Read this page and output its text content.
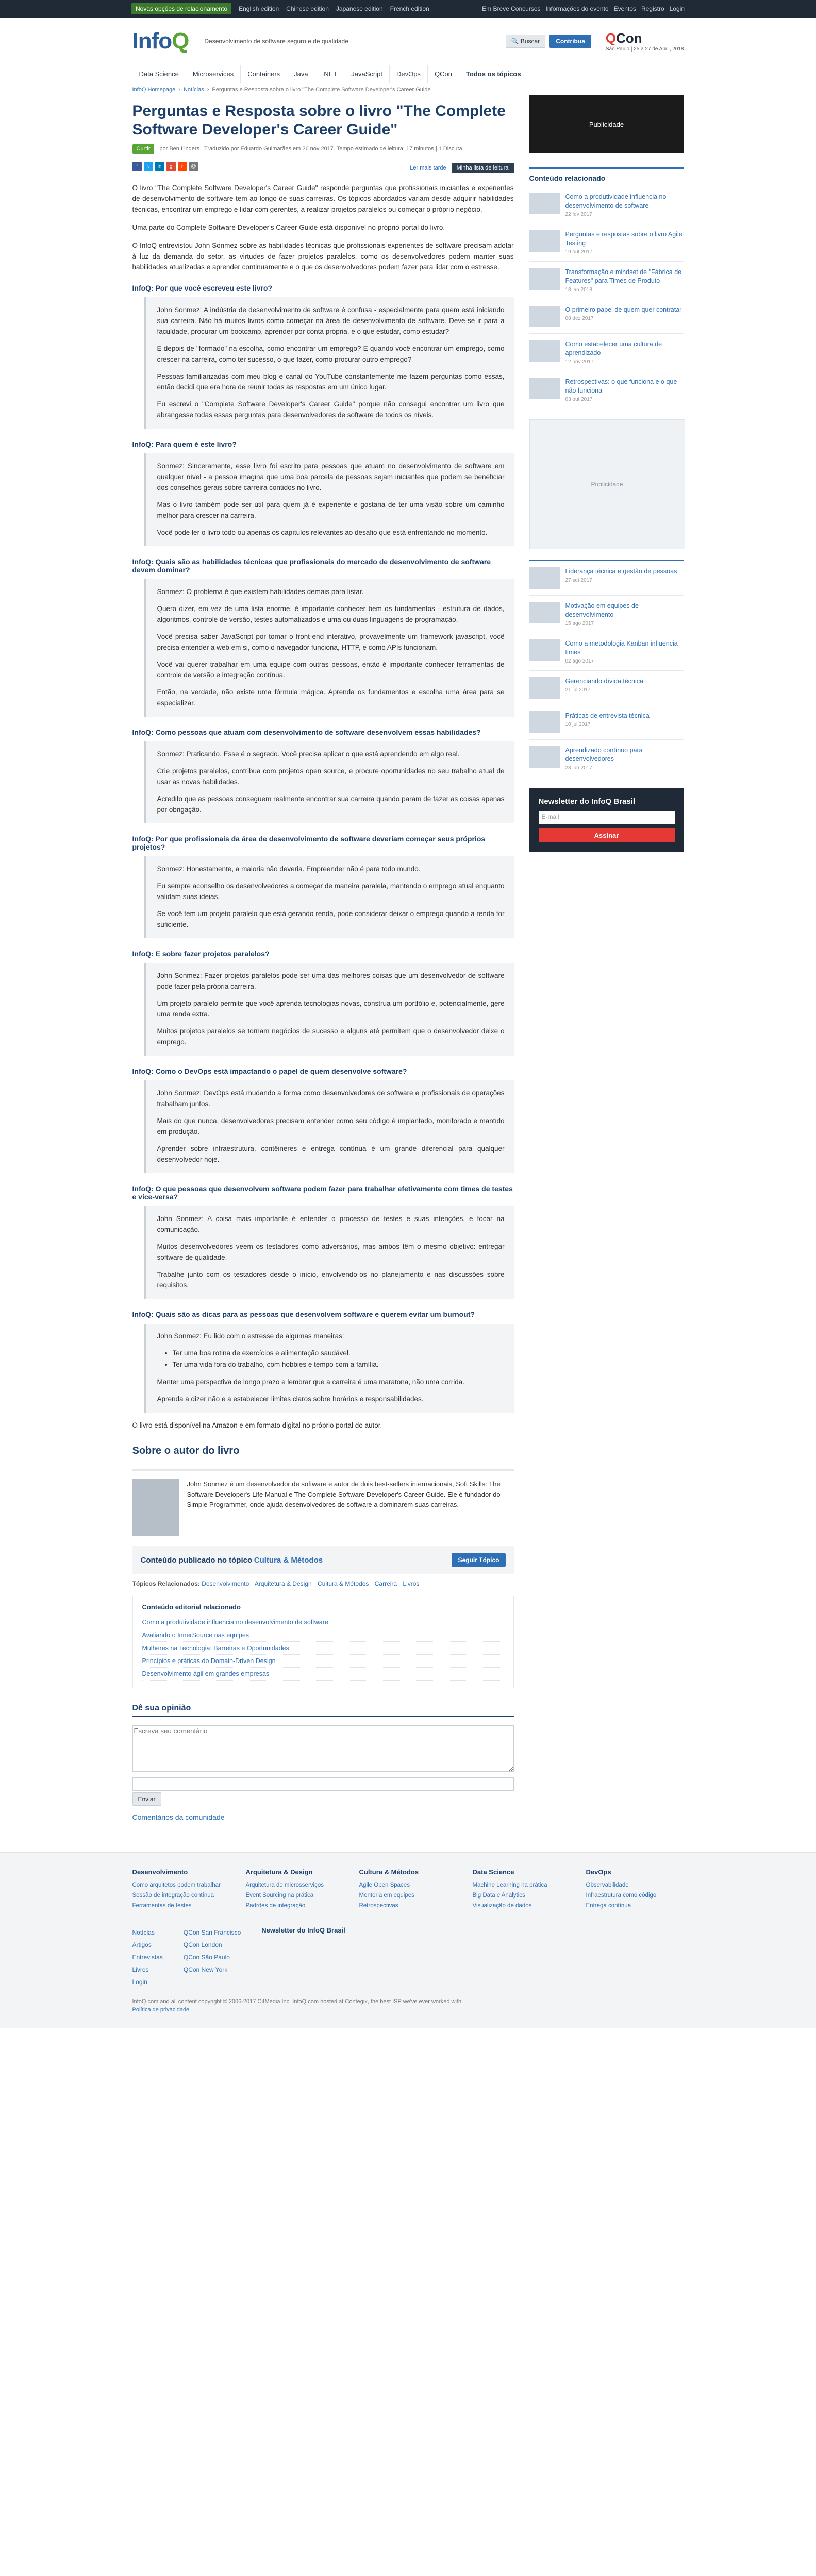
Novas opções de relacionamento	English edition Chinese edition Japanese edition French edition	Em Breve Concursos Informações do evento Eventos Registro Login
InfoQ	Desenvolvimento de software seguro e de qualidade	🔍 Buscar	Contribua	QCon
São Paulo | 25 a 27 de Abril, 2018
Data Science	Microservices	Containers	Java	.NET	JavaScript	DevOps	QCon	Todos os tópicos
InfoQ Homepage › Notícias › Perguntas e Resposta sobre o livro "The Complete Software Developer's Career Guide"
Perguntas e Resposta sobre o livro "The Complete Software Developer's Career Guide"
Curtir	por Ben Linders . Traduzido por Eduardo Guimarães em 26 nov 2017. Tempo estimado de leitura: 17 minutos | 1 Discuta
f	t	in	g	r	@	Ler mais tarde	Minha lista de leitura

O livro "The Complete Software Developer's Career Guide" responde perguntas que profissionais iniciantes e experientes de desenvolvimento de software tem ao longo de suas carreiras. Os tópicos abordados variam desde adquirir habilidades técnicas, encontrar um emprego e lidar com gerentes, a realizar projetos paralelos ou começar o próprio negócio.

Uma parte do Complete Software Developer's Career Guide está disponível no próprio portal do livro.

O InfoQ entrevistou John Sonmez sobre as habilidades técnicas que profissionais experientes de software precisam adotar à luz da demanda do setor, as virtudes de fazer projetos paralelos, como os desenvolvedores podem manter suas habilidades atualizadas e aprender continuamente e o que os desenvolvedores podem fazer para lidar com o estresse.

InfoQ: Por que você escreveu este livro?

John Sonmez: A indústria de desenvolvimento de software é confusa - especialmente para quem está iniciando sua carreira. Não há muitos livros como começar na área de desenvolvimento de software. Deve-se ir para a faculdade, procurar um bootcamp, aprender por conta própria, e o que estudar, como estudar?

E depois de "formado" na escolha, como encontrar um emprego? E quando você encontrar um emprego, como crescer na carreira, como ter sucesso, o que fazer, como procurar outro emprego?

Pessoas familiarizadas com meu blog e canal do YouTube constantemente me fazem perguntas como essas, então decidi que era hora de reunir todas as respostas em um único lugar.

Eu escrevi o "Complete Software Developer's Career Guide" porque não consegui encontrar um livro que abrangesse todas essas perguntas para desenvolvedores de software de todos os níveis.

InfoQ: Para quem é este livro?

Sonmez: Sinceramente, esse livro foi escrito para pessoas que atuam no desenvolvimento de software em qualquer nível - a pessoa imagina que uma boa parcela de pessoas sejam iniciantes que podem se beneficiar dos conselhos gerais sobre carreira contidos no livro.

Mas o livro também pode ser útil para quem já é experiente e gostaria de ter uma visão sobre um caminho melhor para crescer na carreira.

Você pode ler o livro todo ou apenas os capítulos relevantes ao desafio que está enfrentando no momento.

InfoQ: Quais são as habilidades técnicas que profissionais do mercado de desenvolvimento de software devem dominar?

Sonmez: O problema é que existem habilidades demais para listar.

Quero dizer, em vez de uma lista enorme, é importante conhecer bem os fundamentos - estrutura de dados, algoritmos, controle de versão, testes automatizados e uma ou duas linguagens de programação.

Você precisa saber JavaScript por tomar o front-end interativo, provavelmente um framework javascript, você precisa entender a web em si, como o navegador funciona, HTTP, e como APIs funcionam.

Você vai querer trabalhar em uma equipe com outras pessoas, então é importante conhecer ferramentas de controle de versão e integração contínua.

Então, na verdade, não existe uma fórmula mágica. Aprenda os fundamentos e escolha uma área para se especializar.

InfoQ: Como pessoas que atuam com desenvolvimento de software desenvolvem essas habilidades?

Sonmez: Praticando. Esse é o segredo. Você precisa aplicar o que está aprendendo em algo real.

Crie projetos paralelos, contribua com projetos open source, e procure oportunidades no seu trabalho atual de usar as novas habilidades.

Acredito que as pessoas conseguem realmente encontrar sua carreira quando param de fazer as coisas apenas por obrigação.

InfoQ: Por que profissionais da área de desenvolvimento de software deveriam começar seus próprios projetos?

Sonmez: Honestamente, a maioria não deveria. Empreender não é para todo mundo.

Eu sempre aconselho os desenvolvedores a começar de maneira paralela, mantendo o emprego atual enquanto validam suas ideias.

Se você tem um projeto paralelo que está gerando renda, pode considerar deixar o emprego quando a renda for suficiente.

InfoQ: E sobre fazer projetos paralelos?

John Sonmez: Fazer projetos paralelos pode ser uma das melhores coisas que um desenvolvedor de software pode fazer pela própria carreira.

Um projeto paralelo permite que você aprenda tecnologias novas, construa um portfólio e, potencialmente, gere uma renda extra.

Muitos projetos paralelos se tornam negócios de sucesso e alguns até permitem que o desenvolvedor deixe o emprego.

InfoQ: Como o DevOps está impactando o papel de quem desenvolve software?

John Sonmez: DevOps está mudando a forma como desenvolvedores de software e profissionais de operações trabalham juntos.

Mais do que nunca, desenvolvedores precisam entender como seu código é implantado, monitorado e mantido em produção.

Aprender sobre infraestrutura, contêineres e entrega contínua é um grande diferencial para qualquer desenvolvedor hoje.

InfoQ: O que pessoas que desenvolvem software podem fazer para trabalhar efetivamente com times de testes e vice-versa?

John Sonmez: A coisa mais importante é entender o processo de testes e suas intenções, e focar na comunicação.

Muitos desenvolvedores veem os testadores como adversários, mas ambos têm o mesmo objetivo: entregar software de qualidade.

Trabalhe junto com os testadores desde o início, envolvendo-os no planejamento e nas discussões sobre requisitos.

InfoQ: Quais são as dicas para as pessoas que desenvolvem software e querem evitar um burnout?

John Sonmez: Eu lido com o estresse de algumas maneiras:

• Ter uma boa rotina de exercícios e alimentação saudável.
• Ter uma vida fora do trabalho, com hobbies e tempo com a família.

Manter uma perspectiva de longo prazo e lembrar que a carreira é uma maratona, não uma corrida.

Aprenda a dizer não e a estabelecer limites claros sobre horários e responsabilidades.

O livro está disponível na Amazon e em formato digital no próprio portal do autor.

Sobre o autor do livro
John Sonmez é um desenvolvedor de software e autor de dois best-sellers internacionais, Soft Skills: The Software Developer's Life Manual e The Complete Software Developer's Career Guide. Ele é fundador do Simple Programmer, onde ajuda desenvolvedores de software a dominarem suas carreiras.
Conteúdo publicado no tópico Cultura & Métodos	Seguir Tópico
Tópicos Relacionados: Desenvolvimento Arquitetura & Design Cultura & Métodos Carreira Livros
Conteúdo editorial relacionado
Como a produtividade influencia no desenvolvimento de software
Avaliando o InnerSource nas equipes
Mulheres na Tecnologia: Barreiras e Oportunidades
Princípios e práticas do Domain-Driven Design
Desenvolvimento ágil em grandes empresas
Dê sua opinião
Escreva seu comentário
Enviar
Comentários da comunidade
Publicidade
Conteúdo relacionado
Como a produtividade influencia no desenvolvimento de software
22 fev 2017
Perguntas e respostas sobre o livro Agile Testing
19 out 2017
Transformação e mindset de "Fábrica de Features" para Times de Produto
18 jan 2018
O primeiro papel de quem quer contratar
08 dez 2017
Como estabelecer uma cultura de aprendizado
12 nov 2017
Retrospectivas: o que funciona e o que não funciona
03 out 2017
Publicidade
Liderança técnica e gestão de pessoas
27 set 2017
Motivação em equipes de desenvolvimento
15 ago 2017
Como a metodologia Kanban influencia times
02 ago 2017
Gerenciando dívida técnica
21 jul 2017
Práticas de entrevista técnica
10 jul 2017
Aprendizado contínuo para desenvolvedores
28 jun 2017
Newsletter do InfoQ Brasil
E-mail
Assinar
Desenvolvimento
Como arquitetos podem trabalhar
Sessão de integração contínua
Ferramentas de testes
Arquitetura & Design
Arquitetura de microsserviços
Event Sourcing na prática
Padrões de integração
Cultura & Métodos
Agile Open Spaces
Mentoria em equipes
Retrospectivas
Data Science
Machine Learning na prática
Big Data e Analytics
Visualização de dados
DevOps
Observabilidade
Infraestrutura como código
Entrega contínua
Notícias
Artigos
Entrevistas
Livros
Login
QCon San Francisco
QCon London
QCon São Paulo
QCon New York
Newsletter do InfoQ Brasil
InfoQ.com and all content copyright © 2006-2017 C4Media Inc. InfoQ.com hosted at Contegix, the best ISP we've ever worked with.
Política de privacidade
